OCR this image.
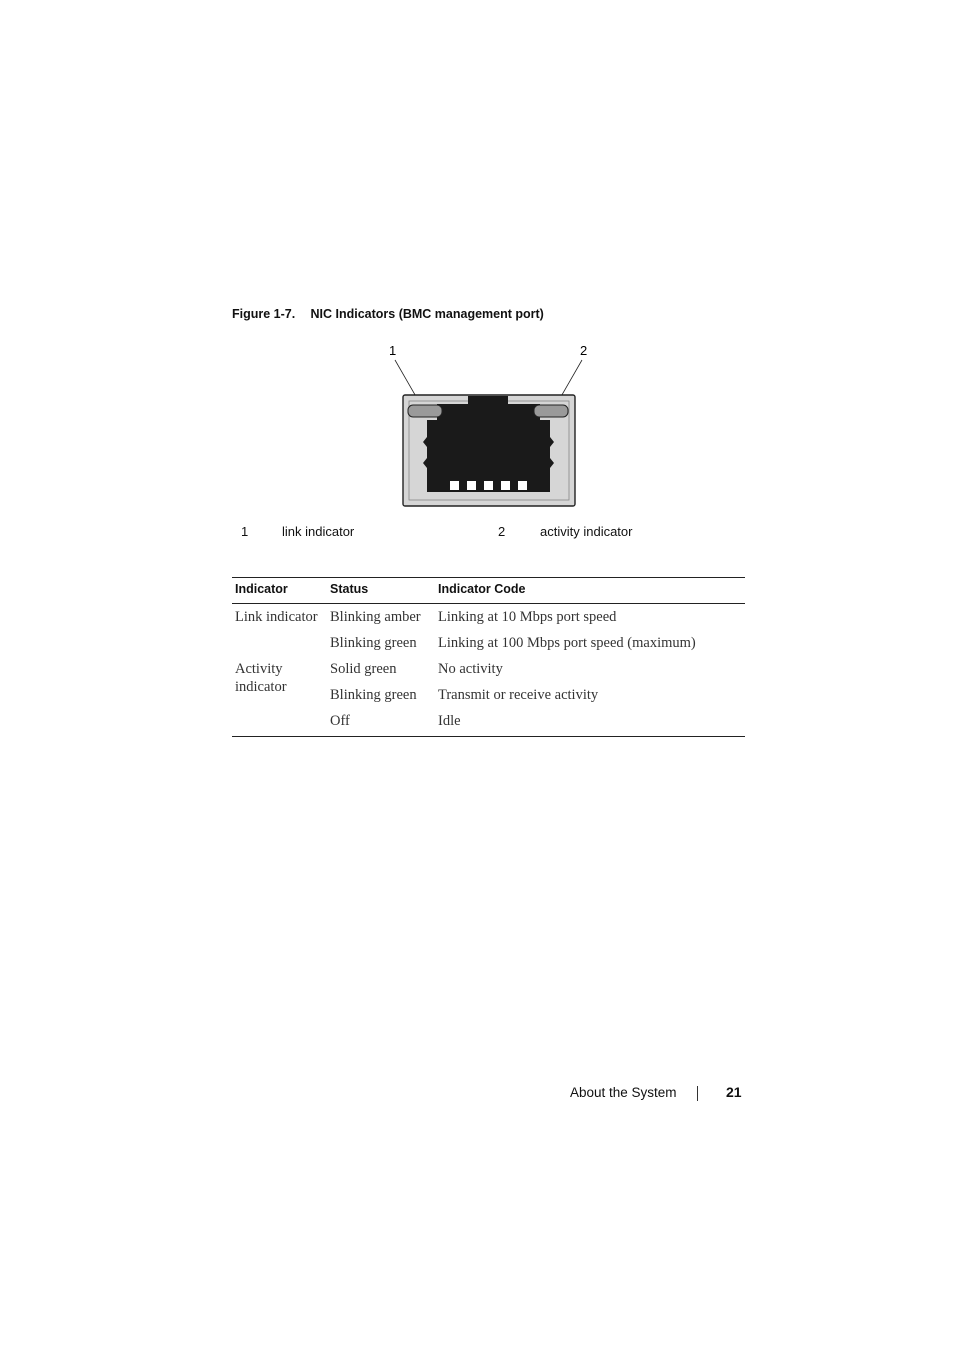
Figure 1-7. NIC Indicators (BMC management port)
1	2
1	link indicator	2	activity indicator
Indicator	Status	Indicator Code
Link indicator	Blinking amber	Linking at 10 Mbps port speed
	Blinking green	Linking at 100 Mbps port speed (maximum)
Activity indicator	Solid green	No activity
	Blinking green	Transmit or receive activity
	Off	Idle
About the System	21
